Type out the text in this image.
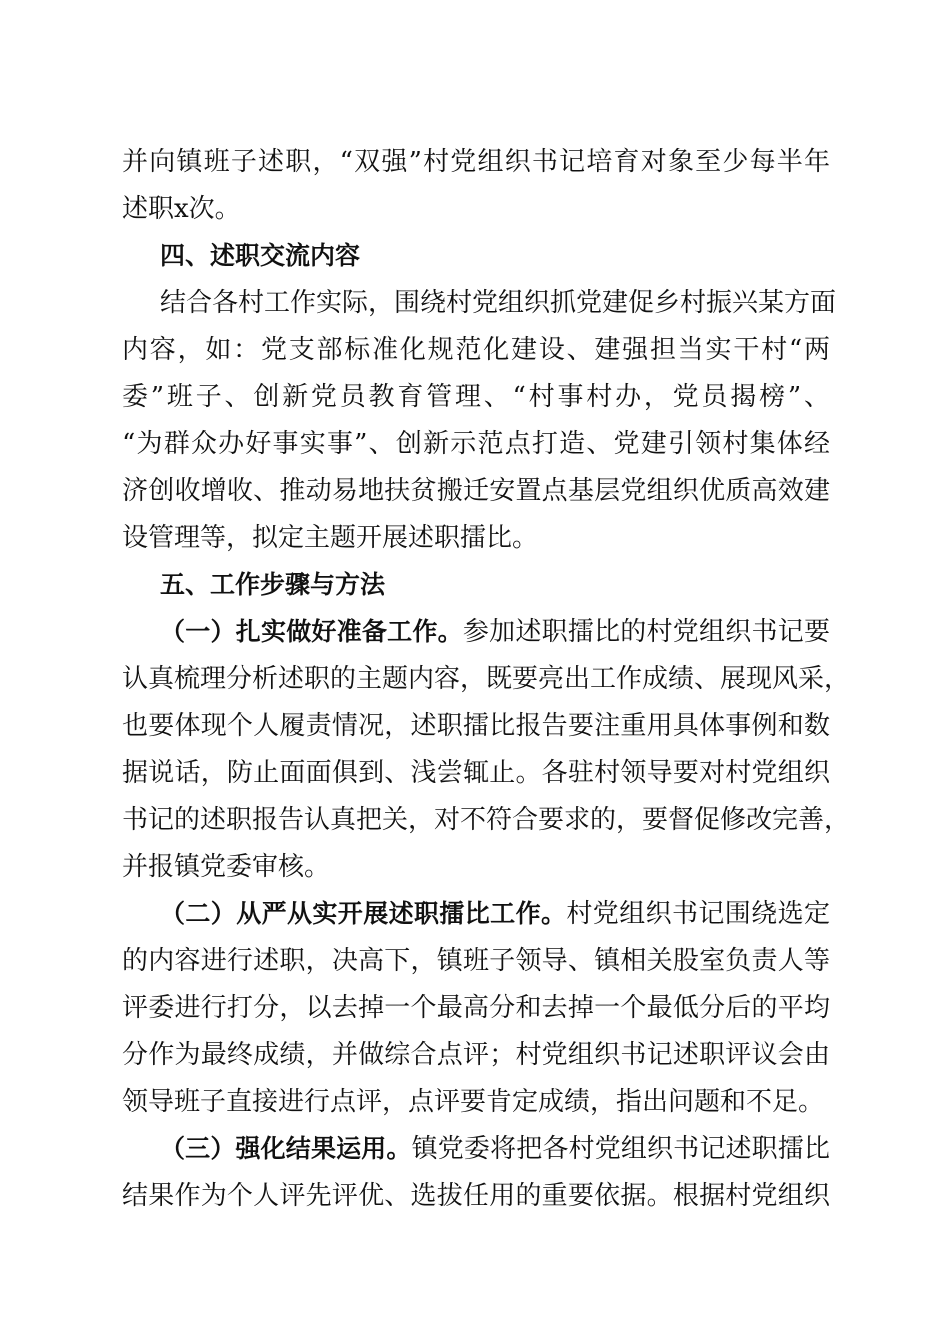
并向镇班子述职，“双强”村党组织书记培育对象至少每半年
述职x次。
四、述职交流内容
结合各村工作实际，围绕村党组织抓党建促乡村振兴某方面
内容，如：党支部标准化规范化建设、建强担当实干村“两
委”班子、创新党员教育管理、“村事村办，党员揭榜”、
“为群众办好事实事”、创新示范点打造、党建引领村集体经
济创收增收、推动易地扶贫搬迁安置点基层党组织优质高效建
设管理等，拟定主题开展述职擂比。
五、工作步骤与方法
（一）扎实做好准备工作。参加述职擂比的村党组织书记要
认真梳理分析述职的主题内容，既要亮出工作成绩、展现风采，
也要体现个人履责情况，述职擂比报告要注重用具体事例和数
据说话，防止面面俱到、浅尝辄止。各驻村领导要对村党组织
书记的述职报告认真把关，对不符合要求的，要督促修改完善，
并报镇党委审核。
（二）从严从实开展述职擂比工作。村党组织书记围绕选定
的内容进行述职，决高下，镇班子领导、镇相关股室负责人等
评委进行打分，以去掉一个最高分和去掉一个最低分后的平均
分作为最终成绩，并做综合点评；村党组织书记述职评议会由
领导班子直接进行点评，点评要肯定成绩，指出问题和不足。
（三）强化结果运用。镇党委将把各村党组织书记述职擂比
结果作为个人评先评优、选拔任用的重要依据。根据村党组织
